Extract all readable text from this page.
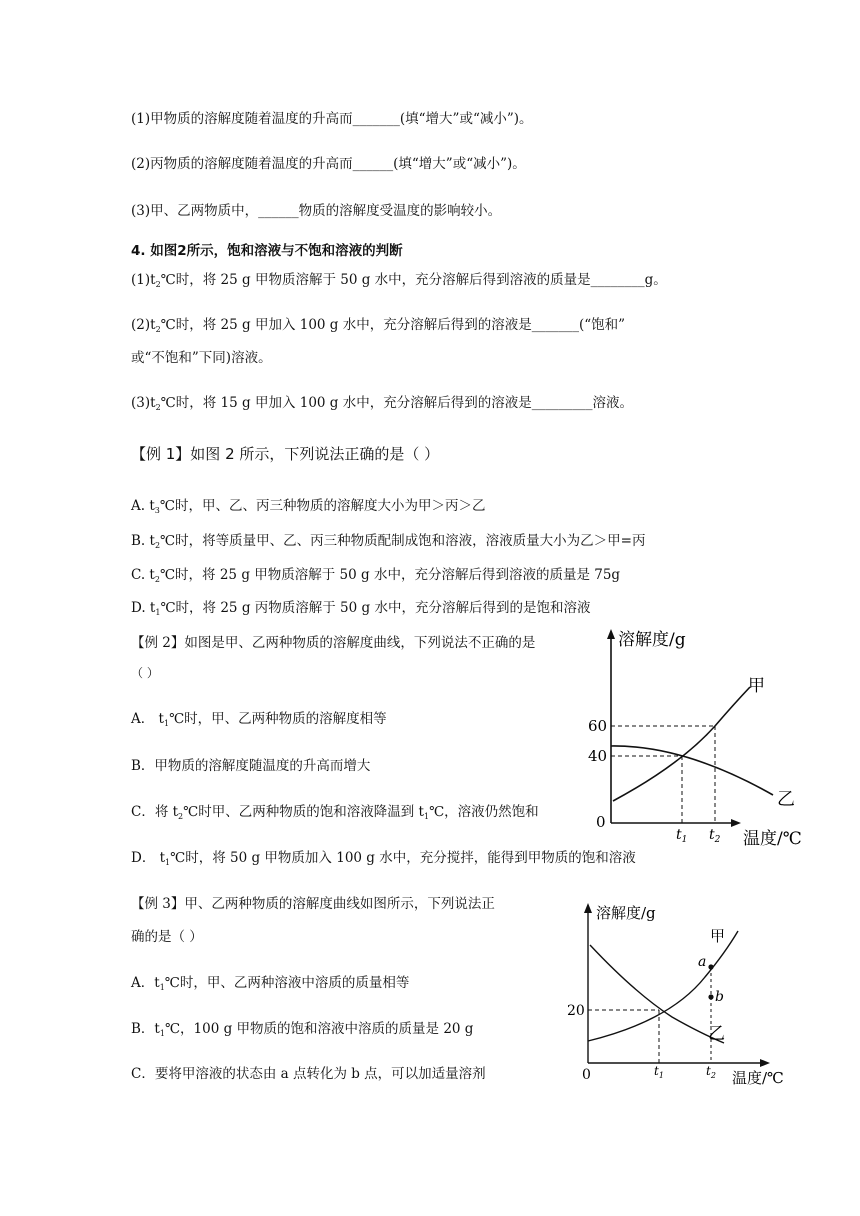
(1)甲物质的溶解度随着温度的升高而_______(填“增大”或“减小”)。
(2)丙物质的溶解度随着温度的升高而______(填“增大”或“减小”)。
(3)甲、乙两物质中，______物质的溶解度受温度的影响较小。
4. 如图2所示，饱和溶液与不饱和溶液的判断
$(1)t_2℃$时，将 25 g 甲物质溶解于 50 g 水中，充分溶解后得到溶液的质量是________g。
$(2)t_2℃$时，将 25 g 甲加入 100 g 水中，充分溶解后得到的溶液是_______(“饱和”
或“不饱和”下同)溶液。
$(3)t_2℃$时，将 15 g 甲加入 100 g 水中，充分溶解后得到的溶液是_________溶液。
【例 1】如图 2 所示，下列说法正确的是（ ）
A. $t_3℃$时，甲、乙、丙三种物质的溶解度大小为甲＞丙＞乙
B. $t_2℃$时，将等质量甲、乙、丙三种物质配制成饱和溶液，溶液质量大小为乙＞甲=丙
C. $t_2℃$时，将 25 g 甲物质溶解于 50 g 水中，充分溶解后得到溶液的质量是 75g
D. $t_1℃$时，将 25 g 丙物质溶解于 50 g 水中，充分溶解后得到的是饱和溶液
【例 2】如图是甲、乙两种物质的溶解度曲线，下列说法不正确的是
（ ）
A． $t_1℃$时，甲、乙两种物质的溶解度相等
B．甲物质的溶解度随温度的升高而增大
C．将 $t_2℃$时甲、乙两种物质的饱和溶液降温到 $t_1℃$，溶液仍然饱和
D． $t_1℃$时，将 50 g 甲物质加入 100 g 水中，充分搅拌，能得到甲物质的饱和溶液
溶解度/g
60
40
0
$t_1$ $t_2$ 温度/℃
甲
乙
【例 3】甲、乙两种物质的溶解度曲线如图所示，下列说法正
确的是（ ）
A．$t_1℃$时，甲、乙两种溶液中溶质的质量相等
B．$t_1℃$，100 g 甲物质的饱和溶液中溶质的质量是 20 g
C．要将甲溶液的状态由 a 点转化为 b 点，可以加适量溶剂
溶解度/g
20
0	$t_1$	$t_2$ 温度/℃
甲
乙
a
b
